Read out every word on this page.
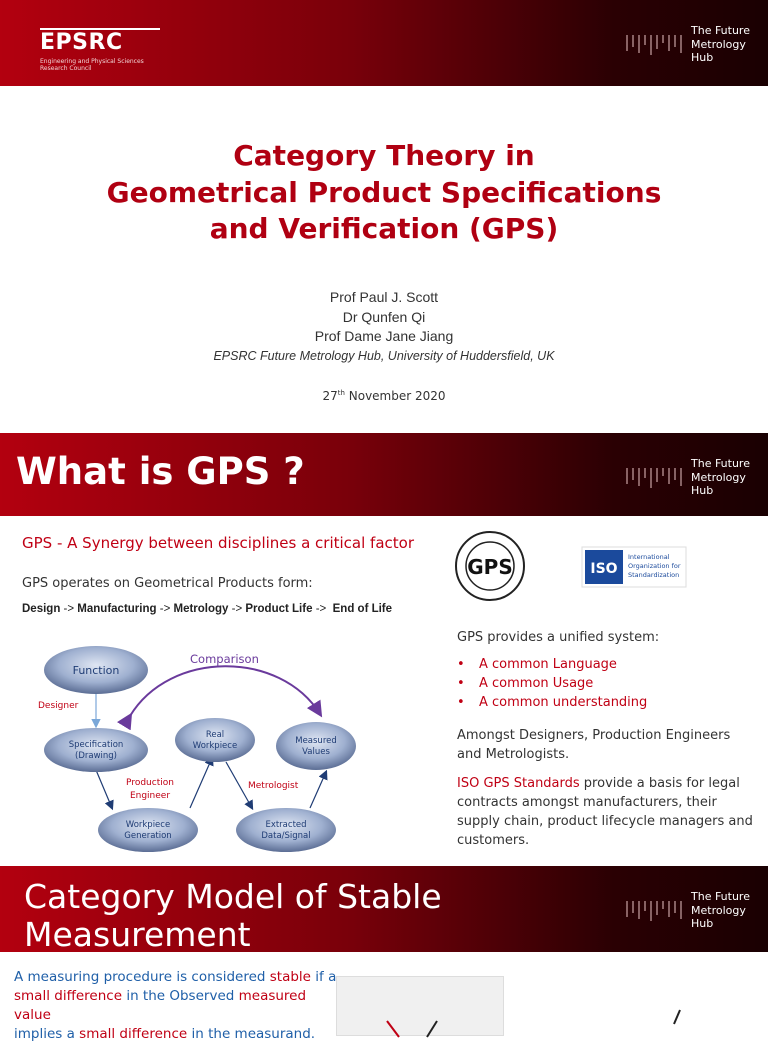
EPSRC
Engineering and Physical Sciences Research Council
The Future
Metrology
Hub
Category Theory in
Geometrical Product Specifications
and Verification (GPS)
Prof Paul J. Scott
Dr Qunfen Qi
Prof Dame Jane Jiang
EPSRC Future Metrology Hub, University of Huddersfield, UK
27th November 2020
The Future
Metrology
Hub
What is GPS ?
GPS - A Synergy between disciplines a critical factor
GPS operates on Geometrical Products form:
Design -> Manufacturing -> Metrology -> Product Life -> End of Life
Function
Specification
(Drawing)
Real
Workpiece	Measured
Values
Workpiece
Generation
Extracted
Data/Signal
Comparison
Designer
Production
Engineer
Metrologist
GPS	ISO
International
Organization for
Standardization
GPS provides a unified system:
• A common Language
• A common Usage
• A common understanding
Amongst Designers, Production Engineers and Metrologists.
ISO GPS Standards provide a basis for legal contracts amongst manufacturers, their supply chain, product lifecycle managers and customers.
The Future
Metrology
Hub
Category Model of Stable
Measurement
A measuring procedure is considered stable if a
small difference in the Observed measured value
implies a small difference in the measurand.
